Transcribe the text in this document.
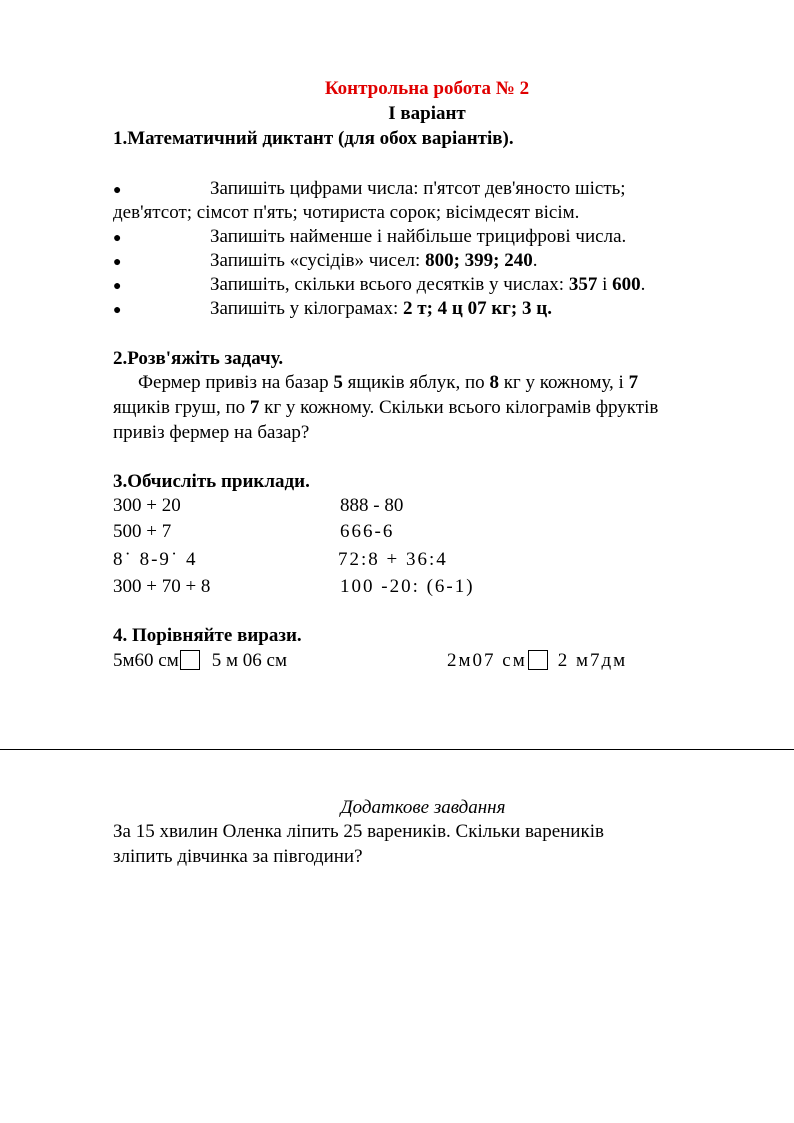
Контрольна робота № 2
І варіант
1.Математичний диктант (для обох варіантів).
●	Запишіть цифрами числа: п'ятсот дев'яносто шість;
дев'ятсот; сімсот п'ять; чотириста сорок; вісімдесят вісім.
●	Запишіть найменше і найбільше трицифрові числа.
●	Запишіть «сусідів» чисел: 800; 399; 240.
●	Запишіть, скільки всього десятків у числах: 357 і 600.
●	Запишіть у кілограмах: 2 т; 4 ц 07 кг; 3 ц.
2.Розв'яжіть задачу.
Фермер привіз на базар 5 ящиків яблук, по 8 кг у кожному, і 7
ящиків груш, по 7 кг у кожному. Скільки всього кілограмів фруктів
привіз фермер на базар?
3.Обчисліть приклади.
300 + 20	888 - 80
500 + 7	666-6
8˙ 8-9˙ 4	72:8 + 36:4
300 + 70 + 8	100 -20: (6-1)
4. Порівняйте вирази.
5м60 см 5 м 06 см	2м07 см 2 м7дм
Додаткове завдання
За 15 хвилин Оленка ліпить 25 вареників. Скільки вареників
зліпить дівчинка за півгодини?
